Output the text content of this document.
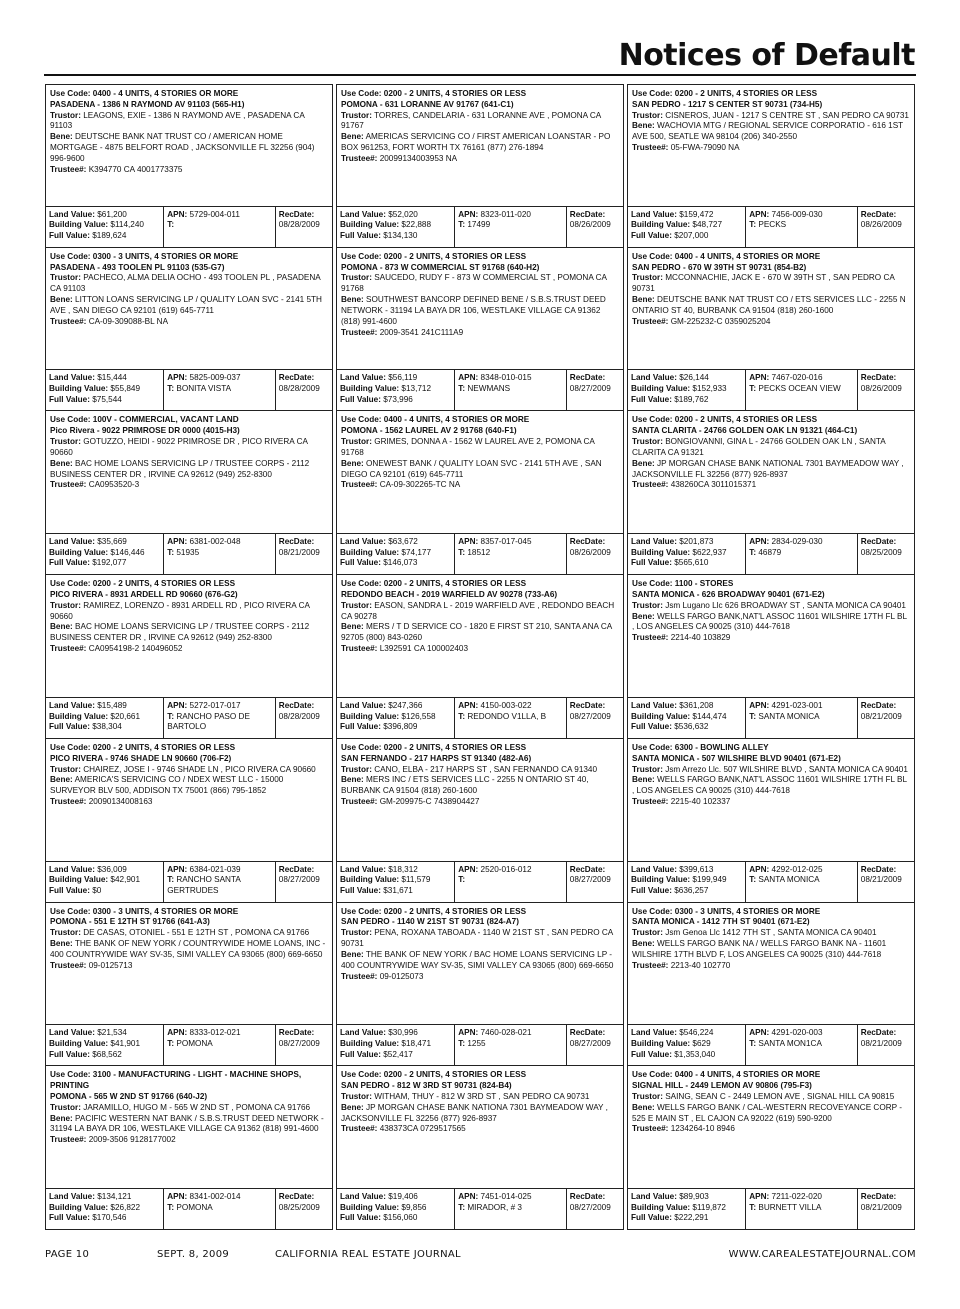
Notices of Default
Use Code: 0400 - 4 UNITS, 4 STORIES OR MORE
PASADENA - 1386 N RAYMOND AV 91103 (565-H1)
Trustor: LEAGONS, EXIE - 1386 N RAYMOND AVE , PASADENA CA 91103
Bene: DEUTSCHE BANK NAT TRUST CO / AMERICAN HOME MORTGAGE - 4875 BELFORT ROAD , JACKSONVILLE FL 32256 (904) 996-9600
Trustee#: K394770 CA 4001773375
Land Value: $61,200
Building Value: $114,240
Full Value: $189,624
APN: 5729-004-011
T:
RecDate:
08/28/2009
Use Code: 0200 - 2 UNITS, 4 STORIES OR LESS
POMONA - 631 LORANNE AV 91767 (641-C1)
Trustor: TORRES, CANDELARIA - 631 LORANNE AVE , POMONA CA 91767
Bene: AMERICAS SERVICING CO / FIRST AMERICAN LOANSTAR - PO BOX 961253, FORT WORTH TX 76161 (877) 276-1894
Trustee#: 20099134003953 NA
Land Value: $52,020
Building Value: $22,888
Full Value: $134,130
APN: 8323-011-020
T: 17499
RecDate:
08/26/2009
Use Code: 0200 - 2 UNITS, 4 STORIES OR LESS
SAN PEDRO - 1217 S CENTER ST 90731 (734-H5)
Trustor: CISNEROS, JUAN - 1217 S CENTRE ST , SAN PEDRO CA 90731
Bene: WACHOVIA MTG / REGIONAL SERVICE CORPORATIO - 616 1ST AVE 500, SEATLE WA 98104 (206) 340-2550
Trustee#: 05-FWA-79090 NA
Land Value: $159,472
Building Value: $48,727
Full Value: $207,000
APN: 7456-009-030
T: PECKS
RecDate:
08/26/2009
Use Code: 0300 - 3 UNITS, 4 STORIES OR MORE
PASADENA - 493 TOOLEN PL 91103 (535-G7)
Trustor: PACHECO, ALMA DELIA OCHO - 493 TOOLEN PL , PASADENA CA 91103
Bene: LITTON LOANS SERVICING LP / QUALITY LOAN SVC - 2141 5TH AVE , SAN DIEGO CA 92101 (619) 645-7711
Trustee#: CA-09-309088-BL NA
Land Value: $15,444
Building Value: $55,849
Full Value: $75,544
APN: 5825-009-037
T: BONITA VISTA
RecDate:
08/28/2009
Use Code: 0200 - 2 UNITS, 4 STORIES OR LESS
POMONA - 873 W COMMERCIAL ST 91768 (640-H2)
Trustor: SAUCEDO, RUDY F - 873 W COMMERCIAL ST , POMONA CA 91768
Bene: SOUTHWEST BANCORP DEFINED BENE / S.B.S.TRUST DEED NETWORK - 31194 LA BAYA DR 106, WESTLAKE VILLAGE CA 91362 (818) 991-4600
Trustee#: 2009-3541 241C111A9
Land Value: $56,119
Building Value: $13,712
Full Value: $73,996
APN: 8348-010-015
T: NEWMANS
RecDate:
08/27/2009
Use Code: 0400 - 4 UNITS, 4 STORIES OR MORE
SAN PEDRO - 670 W 39TH ST 90731 (854-B2)
Trustor: MCCONNACHIE, JACK E - 670 W 39TH ST , SAN PEDRO CA 90731
Bene: DEUTSCHE BANK NAT TRUST CO / ETS SERVICES LLC - 2255 N ONTARIO ST 40, BURBANK CA 91504 (818) 260-1600
Trustee#: GM-225232-C 0359025204
Land Value: $26,144
Building Value: $152,933
Full Value: $189,762
APN: 7467-020-016
T: PECKS OCEAN VIEW
RecDate:
08/26/2009
Use Code: 100V - COMMERCIAL, VACANT LAND
Pico Rivera - 9022 PRIMROSE DR 0000 (4015-H3)
Trustor: GOTUZZO, HEIDI - 9022 PRIMROSE DR , PICO RIVERA CA 90660
Bene: BAC HOME LOANS SERVICING LP / TRUSTEE CORPS - 2112 BUSINESS CENTER DR , IRVINE CA 92612 (949) 252-8300
Trustee#: CA0953520-3
Land Value: $35,669
Building Value: $146,446
Full Value: $192,077
APN: 6381-002-048
T: 51935
RecDate:
08/21/2009
Use Code: 0400 - 4 UNITS, 4 STORIES OR MORE
POMONA - 1562 LAUREL AV 2 91768 (640-F1)
Trustor: GRIMES, DONNA A - 1562 W LAUREL AVE 2, POMONA CA 91768
Bene: ONEWEST BANK / QUALITY LOAN SVC - 2141 5TH AVE , SAN DIEGO CA 92101 (619) 645-7711
Trustee#: CA-09-302265-TC NA
Land Value: $63,672
Building Value: $74,177
Full Value: $146,073
APN: 8357-017-045
T: 18512
RecDate:
08/26/2009
Use Code: 0200 - 2 UNITS, 4 STORIES OR LESS
SANTA CLARITA - 24766 GOLDEN OAK LN 91321 (464-C1)
Trustor: BONGIOVANNI, GINA L - 24766 GOLDEN OAK LN , SANTA CLARITA CA 91321
Bene: JP MORGAN CHASE BANK NATIONAL 7301 BAYMEADOW WAY , JACKSONVILLE FL 32256 (877) 926-8937
Trustee#: 438260CA 3011015371
Land Value: $201,873
Building Value: $622,937
Full Value: $565,610
APN: 2834-029-030
T: 46879
RecDate:
08/25/2009
Use Code: 0200 - 2 UNITS, 4 STORIES OR LESS
PICO RIVERA - 8931 ARDELL RD 90660 (676-G2)
Trustor: RAMIREZ, LORENZO - 8931 ARDELL RD , PICO RIVERA CA 90660
Bene: BAC HOME LOANS SERVICING LP / TRUSTEE CORPS - 2112 BUSINESS CENTER DR , IRVINE CA 92612 (949) 252-8300
Trustee#: CA0954198-2 140496052
Land Value: $15,489
Building Value: $20,661
Full Value: $38,304
APN: 5272-017-017
T: RANCHO PASO DE BARTOLO
RecDate:
08/28/2009
Use Code: 0200 - 2 UNITS, 4 STORIES OR LESS
REDONDO BEACH - 2019 WARFIELD AV 90278 (733-A6)
Trustor: EASON, SANDRA L - 2019 WARFIELD AVE , REDONDO BEACH CA 90278
Bene: MERS / T D SERVICE CO - 1820 E FIRST ST 210, SANTA ANA CA 92705 (800) 843-0260
Trustee#: L392591 CA 100002403
Land Value: $247,366
Building Value: $126,558
Full Value: $396,809
APN: 4150-003-022
T: REDONDO V1LLA, B
RecDate:
08/27/2009
Use Code: 1100 - STORES
SANTA MONICA - 626 BROADWAY 90401 (671-E2)
Trustor: Jsm Lugano Llc 626 BROADWAY ST , SANTA MONICA CA 90401
Bene: WELLS FARGO BANK,NAT'L ASSOC 11601 WILSHIRE 17TH FL BL , LOS ANGELES CA 90025 (310) 444-7618
Trustee#: 2214-40 103829
Land Value: $361,208
Building Value: $144,474
Full Value: $536,632
APN: 4291-023-001
T: SANTA MONICA
RecDate:
08/21/2009
Use Code: 0200 - 2 UNITS, 4 STORIES OR LESS
PICO RIVERA - 9746 SHADE LN 90660 (706-F2)
Trustor: CHAIREZ, JOSE I - 9746 SHADE LN , PICO RIVERA CA 90660
Bene: AMERICA'S SERVICING CO / NDEX WEST LLC - 15000 SURVEYOR BLV 500, ADDISON TX 75001 (866) 795-1852
Trustee#: 20090134008163
Land Value: $36,009
Building Value: $42,901
Full Value: $0
APN: 6384-021-039
T: RANCHO SANTA GERTRUDES
RecDate:
08/27/2009
Use Code: 0200 - 2 UNITS, 4 STORIES OR LESS
SAN FERNANDO - 217 HARPS ST 91340 (482-A6)
Trustor: CANO, ELBA - 217 HARPS ST , SAN FERNANDO CA 91340
Bene: MERS INC / ETS SERVICES LLC - 2255 N ONTARIO ST 40, BURBANK CA 91504 (818) 260-1600
Trustee#: GM-209975-C 7438904427
Land Value: $18,312
Building Value: $11,579
Full Value: $31,671
APN: 2520-016-012
T:
RecDate:
08/27/2009
Use Code: 6300 - BOWLING ALLEY
SANTA MONICA - 507 WILSHIRE BLVD 90401 (671-E2)
Trustor: Jsm Arrezo Llc. 507 WILSHIRE BLVD , SANTA MONICA CA 90401
Bene: WELLS FARGO BANK,NAT'L ASSOC 11601 WILSHIRE 17TH FL BL , LOS ANGELES CA 90025 (310) 444-7618
Trustee#: 2215-40 102337
Land Value: $399,613
Building Value: $199,949
Full Value: $636,257
APN: 4292-012-025
T: SANTA MONICA
RecDate:
08/21/2009
Use Code: 0300 - 3 UNITS, 4 STORIES OR MORE
POMONA - 551 E 12TH ST 91766 (641-A3)
Trustor: DE CASAS, OTONIEL - 551 E 12TH ST , POMONA CA 91766
Bene: THE BANK OF NEW YORK / COUNTRYWIDE HOME LOANS, INC - 400 COUNTRYWIDE WAY SV-35, SIMI VALLEY CA 93065 (800) 669-6650
Trustee#: 09-0125713
Land Value: $21,534
Building Value: $41,901
Full Value: $68,562
APN: 8333-012-021
T: POMONA
RecDate:
08/27/2009
Use Code: 0200 - 2 UNITS, 4 STORIES OR LESS
SAN PEDRO - 1140 W 21ST ST 90731 (824-A7)
Trustor: PENA, ROXANA TABOADA - 1140 W 21ST ST , SAN PEDRO CA 90731
Bene: THE BANK OF NEW YORK / BAC HOME LOANS SERVICING LP - 400 COUNTRYWIDE WAY SV-35, SIMI VALLEY CA 93065 (800) 669-6650
Trustee#: 09-0125073
Land Value: $30,996
Building Value: $18,471
Full Value: $52,417
APN: 7460-028-021
T: 1255
RecDate:
08/27/2009
Use Code: 0300 - 3 UNITS, 4 STORIES OR MORE
SANTA MONICA - 1412 7TH ST 90401 (671-E2)
Trustor: Jsm Genoa Llc 1412 7TH ST , SANTA MONICA CA 90401
Bene: WELLS FARGO BANK NA / WELLS FARGO BANK NA - 11601 WILSHIRE 17TH BLVD F, LOS ANGELES CA 90025 (310) 444-7618
Trustee#: 2213-40 102770
Land Value: $546,224
Building Value: $629
Full Value: $1,353,040
APN: 4291-020-003
T: SANTA MON1CA
RecDate:
08/21/2009
Use Code: 3100 - MANUFACTURING - LIGHT - MACHINE SHOPS, PRINTING
POMONA - 565 W 2ND ST 91766 (640-J2)
Trustor: JARAMILLO, HUGO M - 565 W 2ND ST , POMONA CA 91766
Bene: PACIFIC WESTERN NAT BANK / S.B.S.TRUST DEED NETWORK - 31194 LA BAYA DR 106, WESTLAKE VILLAGE CA 91362 (818) 991-4600
Trustee#: 2009-3506 9128177002
Land Value: $134,121
Building Value: $26,822
Full Value: $170,546
APN: 8341-002-014
T: POMONA
RecDate:
08/25/2009
Use Code: 0200 - 2 UNITS, 4 STORIES OR LESS
SAN PEDRO - 812 W 3RD ST 90731 (824-B4)
Trustor: WITHAM, THUY - 812 W 3RD ST , SAN PEDRO CA 90731
Bene: JP MORGAN CHASE BANK NATIONA 7301 BAYMEADOW WAY , JACKSONVILLE FL 32256 (877) 926-8937
Trustee#: 438373CA 0729517565
Land Value: $19,406
Building Value: $9,856
Full Value: $156,060
APN: 7451-014-025
T: MIRADOR, # 3
RecDate:
08/27/2009
Use Code: 0400 - 4 UNITS, 4 STORIES OR MORE
SIGNAL HILL - 2449 LEMON AV 90806 (795-F3)
Trustor: SAING, SEAN C - 2449 LEMON AVE , SIGNAL HILL CA 90815
Bene: WELLS FARGO BANK / CAL-WESTERN RECOVEYANCE CORP - 525 E MAIN ST , EL CAJON CA 92022 (619) 590-9200
Trustee#: 1234264-10 8946
Land Value: $89,903
Building Value: $119,872
Full Value: $222,291
APN: 7211-022-020
T: BURNETT VILLA
RecDate:
08/21/2009
PAGE 10	SEPT. 8, 2009	CALIFORNIA REAL ESTATE JOURNAL	WWW.CAREALESTATEJOURNAL.COM
